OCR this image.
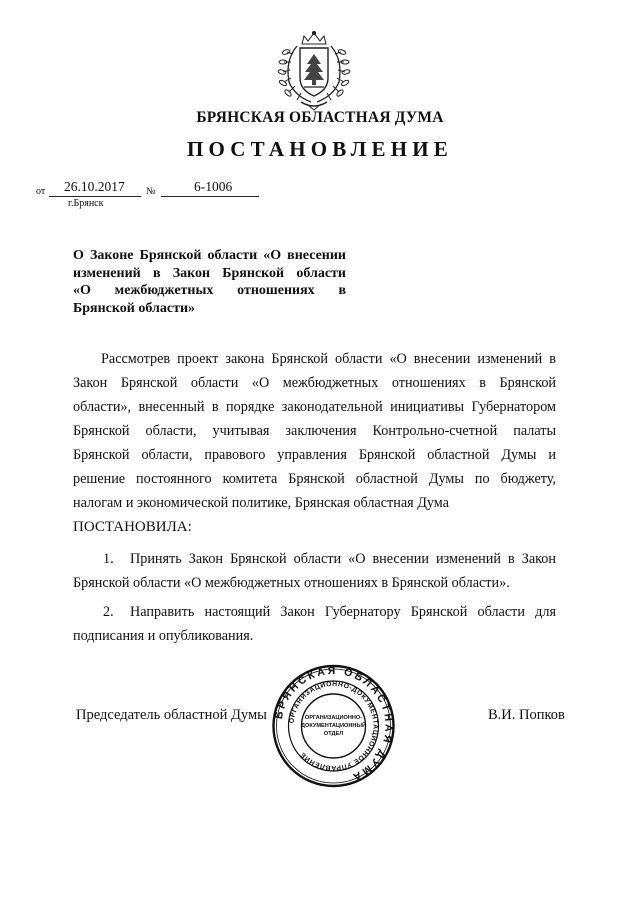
БРЯНСКАЯ ОБЛАСТНАЯ ДУМА
ПОСТАНОВЛЕНИЕ
от 26.10.2017 №	6-1006
г.Брянск
О Законе Брянской области «О внесении
изменений в Закон Брянской области
«О межбюджетных отношениях в
Брянской области»
Рассмотрев проект закона Брянской области «О внесении изменений в
Закон Брянской области «О межбюджетных отношениях в Брянской
области», внесенный в порядке законодательной инициативы Губернатором
Брянской области, учитывая заключения Контрольно-счетной палаты
Брянской области, правового управления Брянской областной Думы и
решение постоянного комитета Брянской областной Думы по бюджету,
налогам и экономической политике, Брянская областная Дума
ПОСТАНОВИЛА:
1.	Принять Закон Брянской области «О внесении изменений в Закон
Брянской области «О межбюджетных отношениях в Брянской области».
2.	Направить настоящий Закон Губернатору Брянской области для
подписания и опубликования.
Председатель областной Думы	В.И. Попков
БРЯНСКАЯ ОБЛАСТНАЯ ДУМА
ОРГАНИЗАЦИОННО-ДОКУМЕНТАЦИОННОЕ УПРАВЛЕНИЕ
ОРГАНИЗАЦИОННО-
ДОКУМЕНТАЦИОННЫЙ
ОТДЕЛ
